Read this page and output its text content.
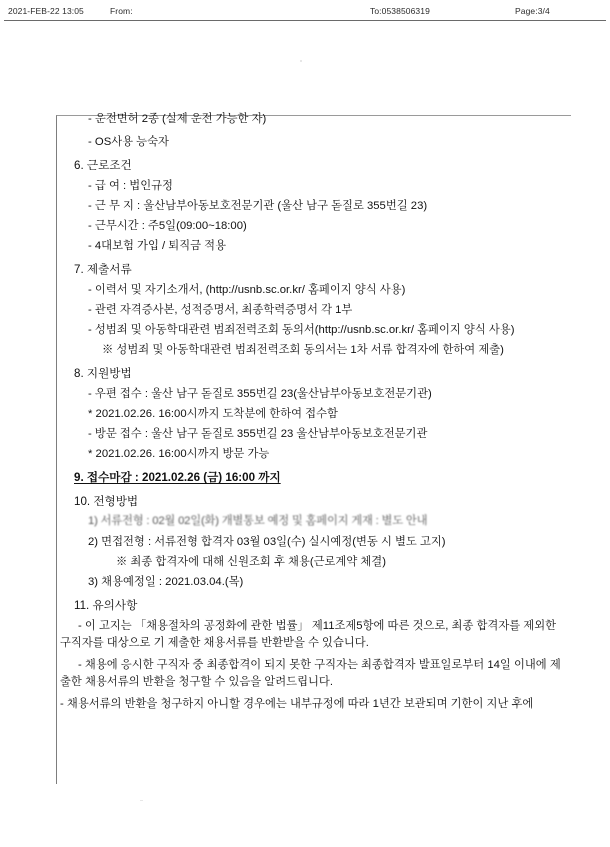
2021-FEB-22 13:05	From:	To:0538506319	Page:3/4
- 운전면허 2종 (실제 운전 가능한 자)
- OS사용 능숙자
6. 근로조건
- 급 여 : 법인규정
- 근 무 지 : 울산남부아동보호전문기관 (울산 남구 돋질로 355번길 23)
- 근무시간 : 주5일(09:00~18:00)
- 4대보험 가입 / 퇴직금 적용
7. 제출서류
- 이력서 및 자기소개서, (http://usnb.sc.or.kr/ 홈페이지 양식 사용)
- 관련 자격증사본, 성적증명서, 최종학력증명서 각 1부
- 성범죄 및 아동학대관련 범죄전력조회 동의서(http://usnb.sc.or.kr/ 홈페이지 양식 사용)
※ 성범죄 및 아동학대관련 범죄전력조회 동의서는 1차 서류 합격자에 한하여 제출)
8. 지원방법
- 우편 접수 : 울산 남구 돋질로 355번길 23(울산남부아동보호전문기관)
* 2021.02.26. 16:00시까지 도착분에 한하여 접수함
- 방문 접수 : 울산 남구 돋질로 355번길 23 울산남부아동보호전문기관
* 2021.02.26. 16:00시까지 방문 가능
9. 접수마감 : 2021.02.26 (금) 16:00 까지
10. 전형방법
1) 서류전형 : 02월 02일(화) 개별통보 예정 및 홈페이지 게재 : 별도 안내
2) 면접전형 : 서류전형 합격자 03월 03일(수) 실시예정(변동 시 별도 고지)
※ 최종 합격자에 대해 신원조회 후 채용(근로계약 체결)
3) 채용예정일 : 2021.03.04.(목)
11. 유의사항
- 이 고지는 「채용절차의 공정화에 관한 법률」 제11조제5항에 따른 것으로, 최종 합격자를 제외한 구직자를 대상으로 기 제출한 채용서류를 반환받을 수 있습니다.
- 채용에 응시한 구직자 중 최종합격이 되지 못한 구직자는 최종합격자 발표일로부터 14일 이내에 제출한 채용서류의 반환을 청구할 수 있음을 알려드립니다.
- 채용서류의 반환을 청구하지 아니할 경우에는 내부규정에 따라 1년간 보관되며 기한이 지난 후에
